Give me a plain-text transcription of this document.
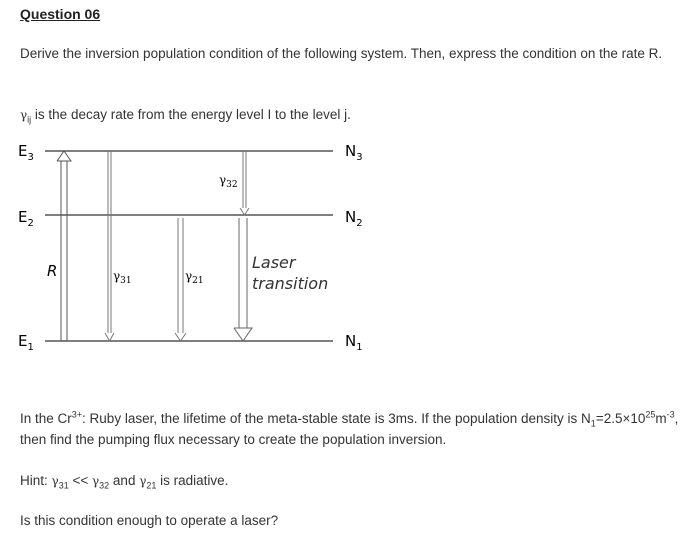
Question 06
Derive the inversion population condition of the following system. Then, express the condition on the rate R.
$\gamma_{ij}$ is the decay rate from the energy level I to the level j.
$E_3$
$E_2$
$E_1$
$N_3$
$N_2$
$N_1$
R	$\gamma_{31}$	$\gamma_{21}$
$\gamma_{32}$
Laser
transition
In the $Cr^{3+}$: Ruby laser, the lifetime of the meta-stable state is 3ms. If the population density is $N_1=2.5\times 10^{25}m^{-3}$, then find the pumping flux necessary to create the population inversion.
Hint: $\gamma_{31} << \gamma_{32}$ and $\gamma_{21}$ is radiative.
Is this condition enough to operate a laser?
